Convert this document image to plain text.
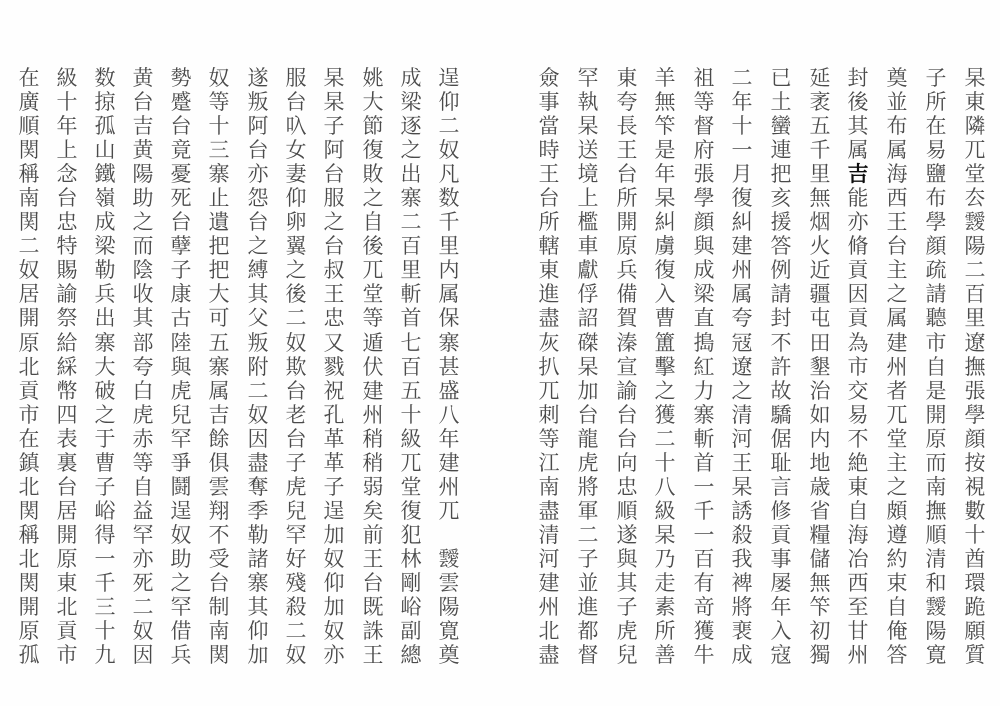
杲
東
隣
兀
堂
厺
靉
陽
二
百
里
遼
撫
張
學
顔
按
視
數
十
酋
環
跪
願
質
子
所
在
易
鹽
布
學
顔
疏
請
聽
市
自
是
開
原
而
南
撫
順
清
和
靉
陽
寛
奠
並
布
属
海
西
王
台
主
之
属
建
州
者
兀
堂
主
之
頗
遵
約
束
自
俺
答
封
後
其
属
吉
能
亦
脩
貢
因
貢
為
市
交
易
不
絶
東
自
海
冶
西
至
甘
州
延
袤
五
千
里
無
烟
火
近
疆
屯
田
墾
治
如
内
地
歳
省
糧
儲
無
笇
初
獨
已
土
蠻
連
把
亥
援
答
例
請
封
不
許
故
驕
倨
耻
言
修
貢
事
屡
年
入
寇
二
年
十
一
月
復
糾
建
州
属
夸
冦
遼
之
清
河
王
杲
誘
殺
我
裨
將
裵
成
祖
等
督
府
張
學
顔
與
成
梁
直
搗
紅
力
寨
斬
首
一
千
一
百
有
竒
獲
牛
羊
無
笇
是
年
杲
糾
虜
復
入
曹
簠
擊
之
獲
二
十
八
級
杲
乃
走
素
所
善
東
夸
長
王
台
所
開
原
兵
備
賀
溱
宣
諭
台
台
向
忠
順
遂
與
其
子
虎
兒
罕
執
杲
送
境
上
檻
車
獻
俘
詔
磔
杲
加
台
龍
虎
將
軍
二
子
並
進
都
督
僉
事
當
時
王
台
所
轄
東
進
盡
灰
扒
兀
刺
等
江
南
盡
清
河
建
州
北
盡
逞
仰
二
奴
凡
数
千
里
内
属
保
寨
甚
盛
八
年
建
州
兀

靉
雲
陽
寛
奠
成
梁
逐
之
出
寨
二
百
里
斬
首
七
百
五
十
級
兀
堂
復
犯
林
剛
峪
副
總
姚
大
節
復
敗
之
自
後
兀
堂
等
遁
伏
建
州
稍
稍
弱
矣
前
王
台
既
誅
王
杲
杲
子
阿
台
服
之
台
叔
王
忠
又
戮
祝
孔
革
革
子
逞
加
奴
仰
加
奴
亦
服
台
叺
女
妻
仰
卵
翼
之
後
二
奴
欺
台
老
台
子
虎
兒
罕
好
殘
殺
二
奴
遂
叛
阿
台
亦
怨
台
之
縛
其
父
叛
附
二
奴
因
盡
奪
季
勒
諸
寨
其
仰
加
奴
等
十
三
寨
止
遺
把
把
大
可
五
寨
属
吉
餘
俱
雲
翔
不
受
台
制
南
関
勢
蹙
台
竟
憂
死
台
孽
子
康
古
陸
與
虎
兒
罕
爭
鬪
逞
奴
助
之
罕
借
兵
黄
台
吉
黄
陽
助
之
而
陰
收
其
部
夸
白
虎
赤
等
自
益
罕
亦
死
二
奴
因
数
掠
孤
山
鐵
嶺
成
梁
勒
兵
出
寨
大
破
之
于
曹
子
峪
得
一
千
三
十
九
級
十
年
上
念
台
忠
特
賜
諭
祭
給
綵
幣
四
表
裏
台
居
開
原
東
北
貢
市
在
廣
順
関
稱
南
関
二
奴
居
開
原
北
貢
市
在
鎮
北
関
稱
北
関
開
原
孤
